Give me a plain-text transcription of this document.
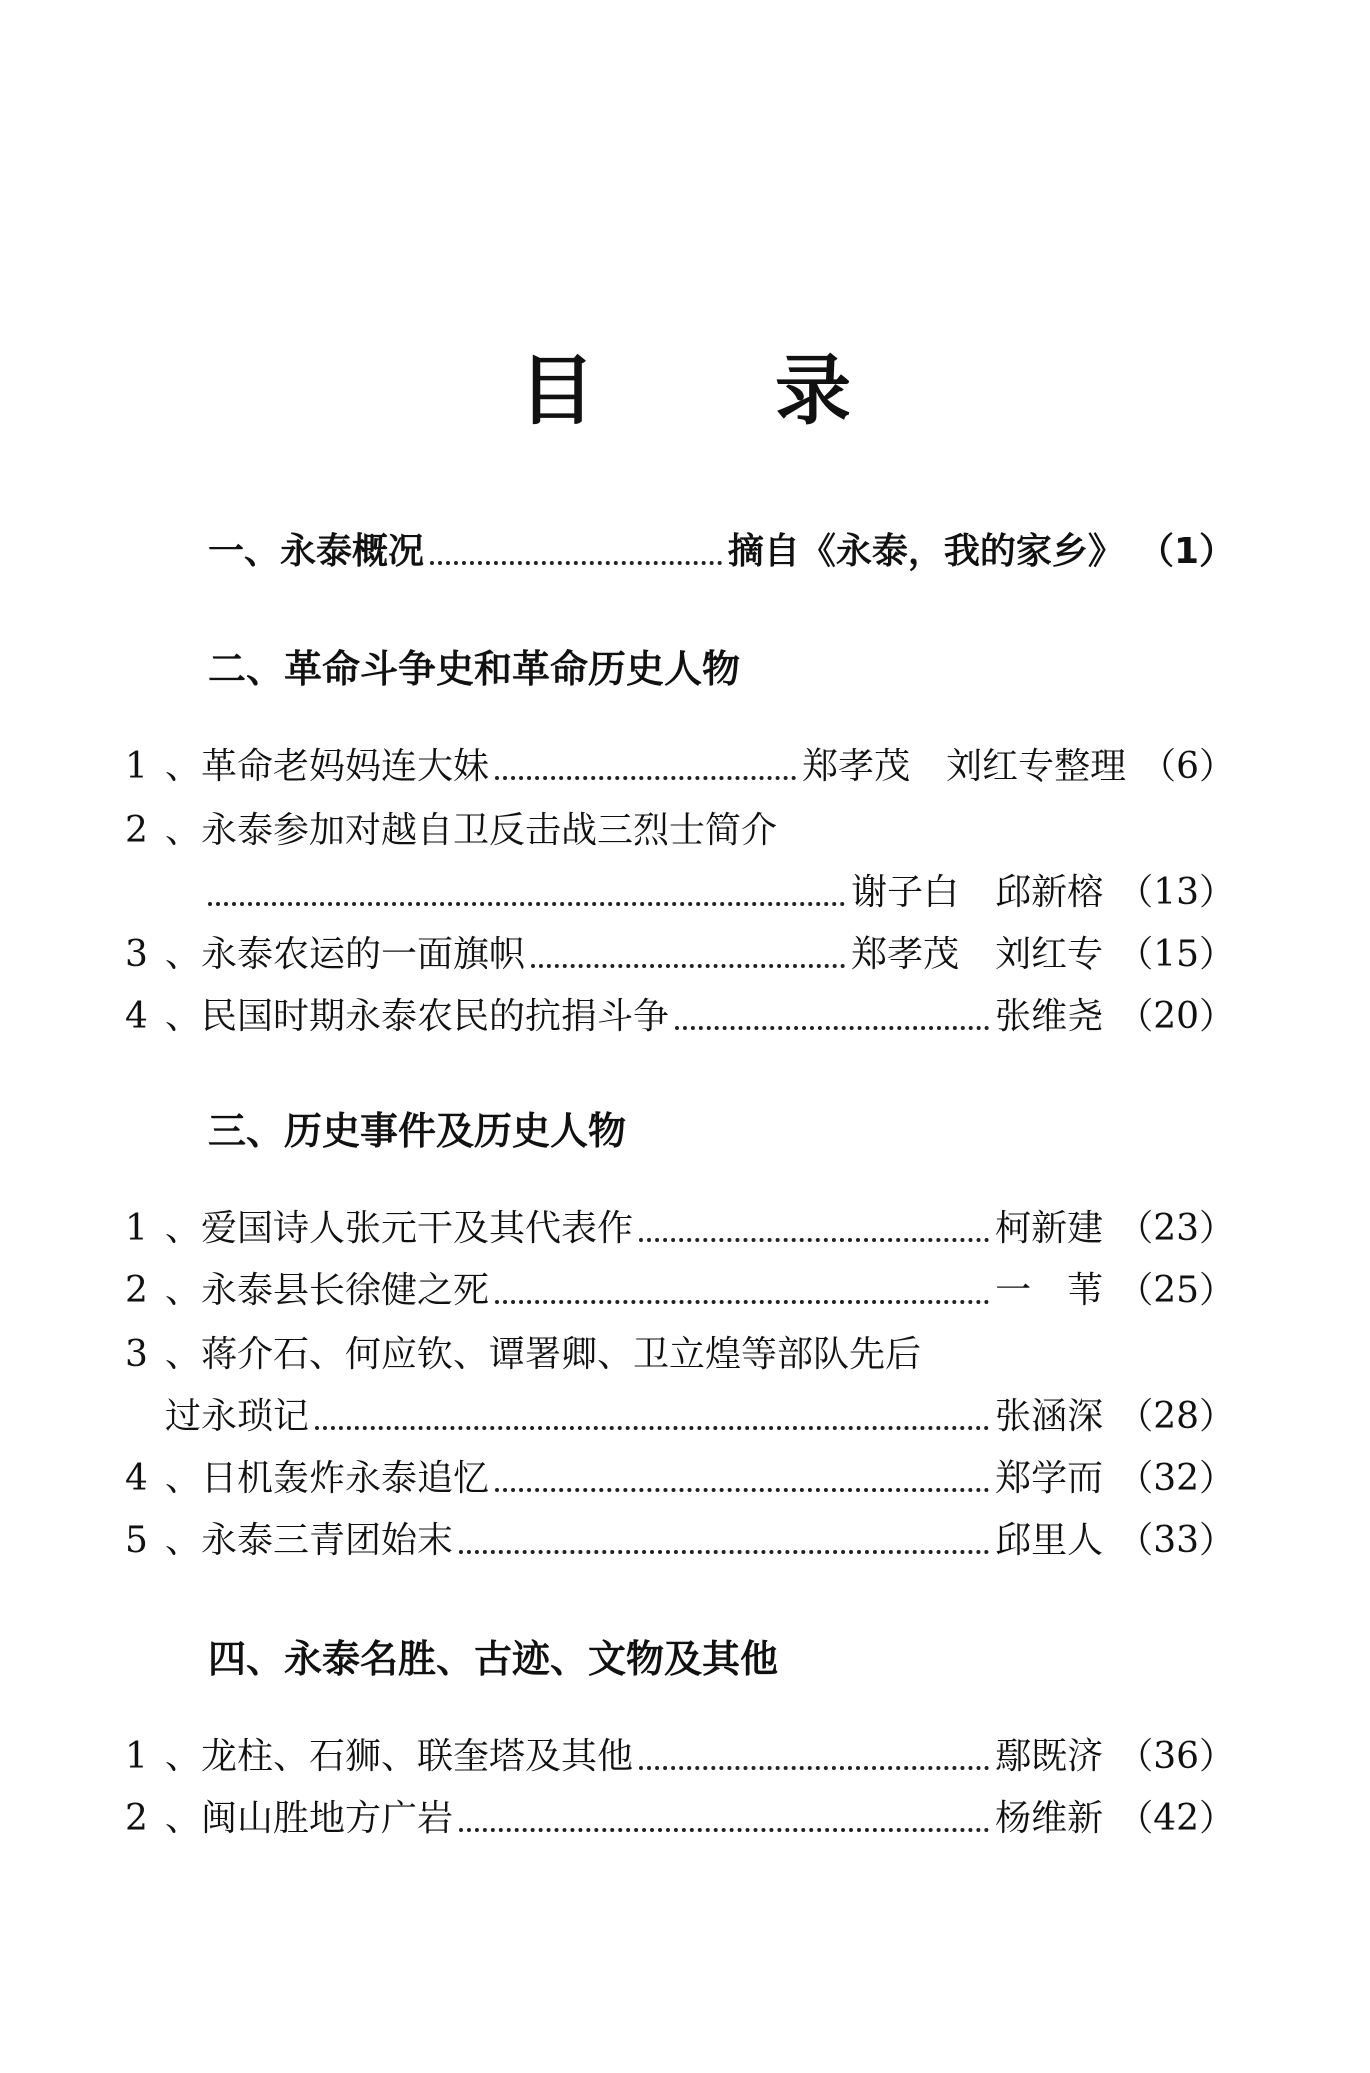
目录
一、永泰概况	摘自《永泰，我的家乡》 （1）
二、革命斗争史和革命历史人物
1 、革命老妈妈连大妹	郑孝茂　刘红专整理 （6）
2 、永泰参加对越自卫反击战三烈士简介
谢子白　邱新榕 （13）
3 、永泰农运的一面旗帜	郑孝茂　刘红专 （15）
4 、民国时期永泰农民的抗捐斗争	张维尧 （20）
三、历史事件及历史人物
1 、爱国诗人张元干及其代表作	柯新建 （23）
2 、永泰县长徐健之死	一　苇 （25）
3 、蒋介石、何应钦、谭署卿、卫立煌等部队先后
过永琐记	张涵深 （28）
4 、日机轰炸永泰追忆	郑学而 （32）
5 、永泰三青团始末	邱里人 （33）
四、永泰名胜、古迹、文物及其他
1 、龙柱、石狮、联奎塔及其他	鄢既济 （36）
2 、闽山胜地方广岩	杨维新 （42）
